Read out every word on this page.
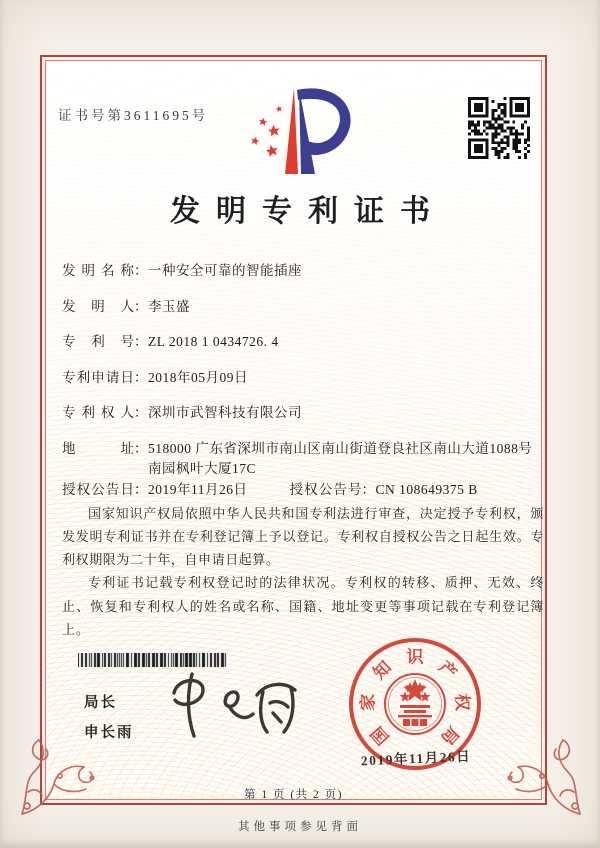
证书号第3611695号
发明专利证书
发明名称 ： 一种安全可靠的智能插座
发明人 ： 李玉盛
专利号 ： ZL 2018 1 0434726. 4
专利申请日 ： 2018年05月09日
专利权人 ： 深圳市武智科技有限公司
地址 ： 518000 广东省深圳市南山区南山街道登良社区南山大道1088号南园枫叶大厦17C
授权公告日 ： 2019年11月26日	授权公告号 ： CN 108649375 B

国家知识产权局依照中华人民共和国专利法进行审查，决定授予专利权，颁发发明专利证书并在专利登记簿上予以登记。专利权自授权公告之日起生效。专利权期限为二十年，自申请日起算。

专利证书记载专利权登记时的法律状况。专利权的转移、质押、无效、终止、恢复和专利权人的姓名或名称、国籍、地址变更等事项记载在专利登记簿上。

局长
申长雨	国
家
知
识
产
权
局
2019年11月26日
第 1 页 (共 2 页)
其他事项参见背面
